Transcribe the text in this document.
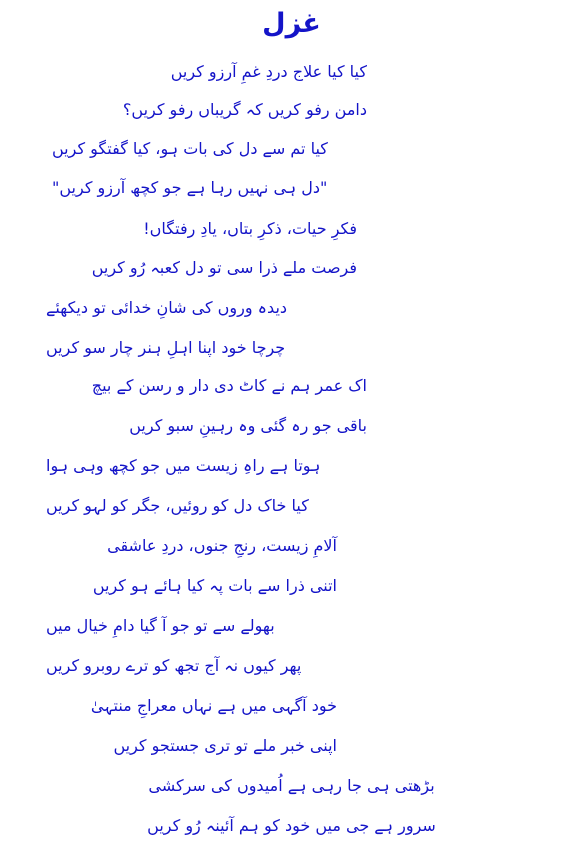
غزل
کیا کیا علاج دردِ غمِ آرزو کریں
دامن رفو کریں کہ گریباں رفو کریں؟
کیا تم سے دل کی بات ہو، کیا گفتگو کریں
"دل ہی نہیں رہا ہے جو کچھ آرزو کریں"
فکرِ حیات، ذکرِ بتاں، یادِ رفتگاں!
فرصت ملے ذرا سی تو دل کعبہ رُو کریں
دیدہ وروں کی شانِ خدائی تو دیکھئے
چرچا خود اپنا اہلِ ہنر چار سو کریں
اک عمر ہم نے کاٹ دی دار و رسن کے بیچ
باقی جو رہ گئی وہ رہینِ سبو کریں
ہوتا ہے راہِ زیست میں جو کچھ وہی ہوا
کیا خاک دل کو روئیں، جگر کو لہو کریں
آلامِ زیست، رنجِ جنوں، دردِ عاشقی
اتنی ذرا سے بات پہ کیا ہائے ہو کریں
بھولے سے تو جو آ گیا دامِ خیال میں
پھر کیوں نہ آج تجھ کو ترے روبرو کریں
خود آگہی میں ہے نہاں معراجِ منتہیٰ
اپنی خبر ملے تو تری جستجو کریں
بڑھتی ہی جا رہی ہے اُمیدوں کی سرکشی
سرور ہے جی میں خود کو ہم آئینہ رُو کریں
